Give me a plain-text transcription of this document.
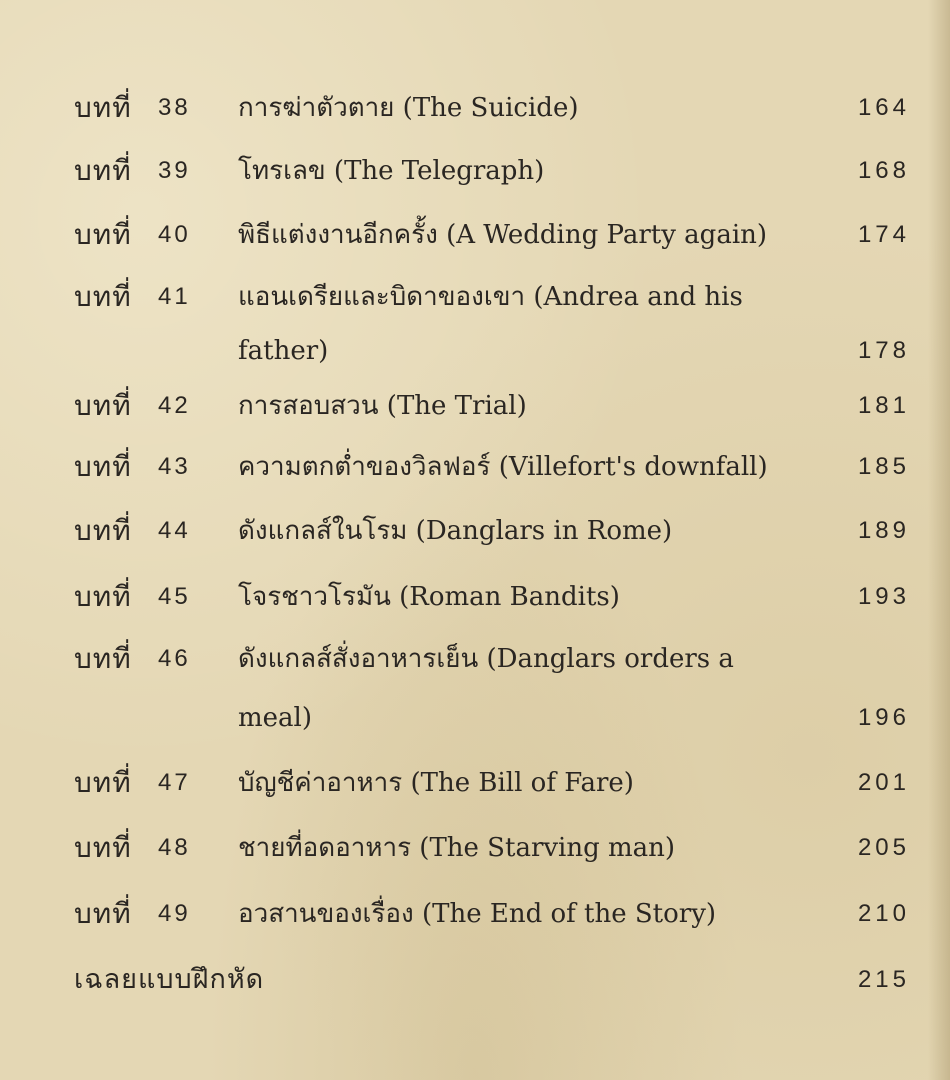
บทที่ 38 การฆ่าตัวตาย (The Suicide)	164
บทที่ 39 โทรเลข (The Telegraph)	168
บทที่ 40 พิธีแต่งงานอีกครั้ง (A Wedding Party again)	174
บทที่ 41 แอนเดรียและบิดาของเขา (Andrea and his
father)	178
บทที่ 42 การสอบสวน (The Trial)	181
บทที่ 43 ความตกต่ำของวิลฟอร์ (Villefort's downfall)	185
บทที่ 44 ดังแกลส์ในโรม (Danglars in Rome)	189
บทที่ 45 โจรชาวโรมัน (Roman Bandits)	193
บทที่ 46 ดังแกลส์สั่งอาหารเย็น (Danglars orders a
meal)	196
บทที่ 47 บัญชีค่าอาหาร (The Bill of Fare)	201
บทที่ 48 ชายที่อดอาหาร (The Starving man)	205
บทที่ 49 อวสานของเรื่อง (The End of the Story)	210
เฉลยแบบฝึกหัด	215
